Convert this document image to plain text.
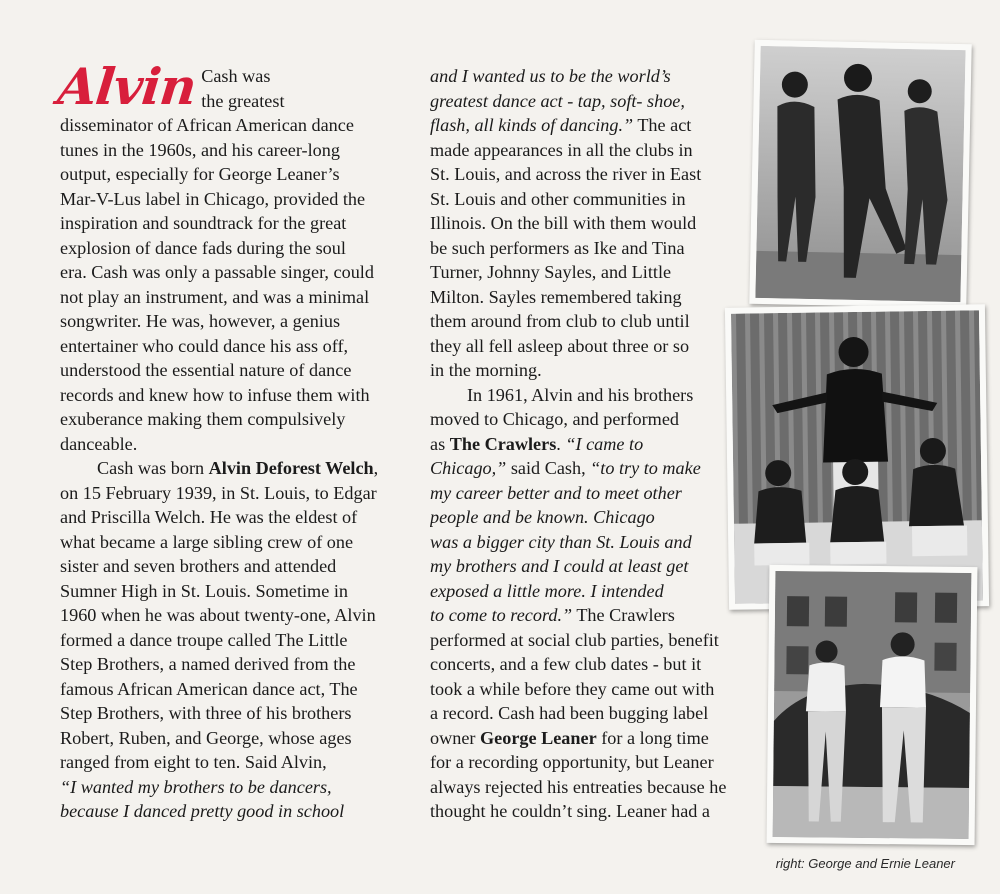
Alvin Cash was
the greatest
disseminator of African American dance
tunes in the 1960s, and his career-long
output, especially for George Leaner’s
Mar-V-Lus label in Chicago, provided the
inspiration and soundtrack for the great
explosion of dance fads during the soul
era. Cash was only a passable singer, could
not play an instrument, and was a minimal
songwriter. He was, however, a genius
entertainer who could dance his ass off,
understood the essential nature of dance
records and knew how to infuse them with
exuberance making them compulsively
danceable.
Cash was born Alvin Deforest Welch,
on 15 February 1939, in St. Louis, to Edgar
and Priscilla Welch. He was the eldest of
what became a large sibling crew of one
sister and seven brothers and attended
Sumner High in St. Louis. Sometime in
1960 when he was about twenty-one, Alvin
formed a dance troupe called The Little
Step Brothers, a named derived from the
famous African American dance act, The
Step Brothers, with three of his brothers
Robert, Ruben, and George, whose ages
ranged from eight to ten. Said Alvin,
“I wanted my brothers to be dancers,
because I danced pretty good in school
and I wanted us to be the world’s
greatest dance act - tap, soft- shoe,
flash, all kinds of dancing.” The act
made appearances in all the clubs in
St. Louis, and across the river in East
St. Louis and other communities in
Illinois. On the bill with them would
be such performers as Ike and Tina
Turner, Johnny Sayles, and Little
Milton. Sayles remembered taking
them around from club to club until
they all fell asleep about three or so
in the morning.
In 1961, Alvin and his brothers
moved to Chicago, and performed
as The Crawlers. “I came to
Chicago,” said Cash, “to try to make
my career better and to meet other
people and be known. Chicago
was a bigger city than St. Louis and
my brothers and I could at least get
exposed a little more. I intended
to come to record.” The Crawlers
performed at social club parties, benefit
concerts, and a few club dates - but it
took a while before they came out with
a record. Cash had been bugging label
owner George Leaner for a long time
for a recording opportunity, but Leaner
always rejected his entreaties because he
thought he couldn’t sing. Leaner had a
right: George and Ernie Leaner
